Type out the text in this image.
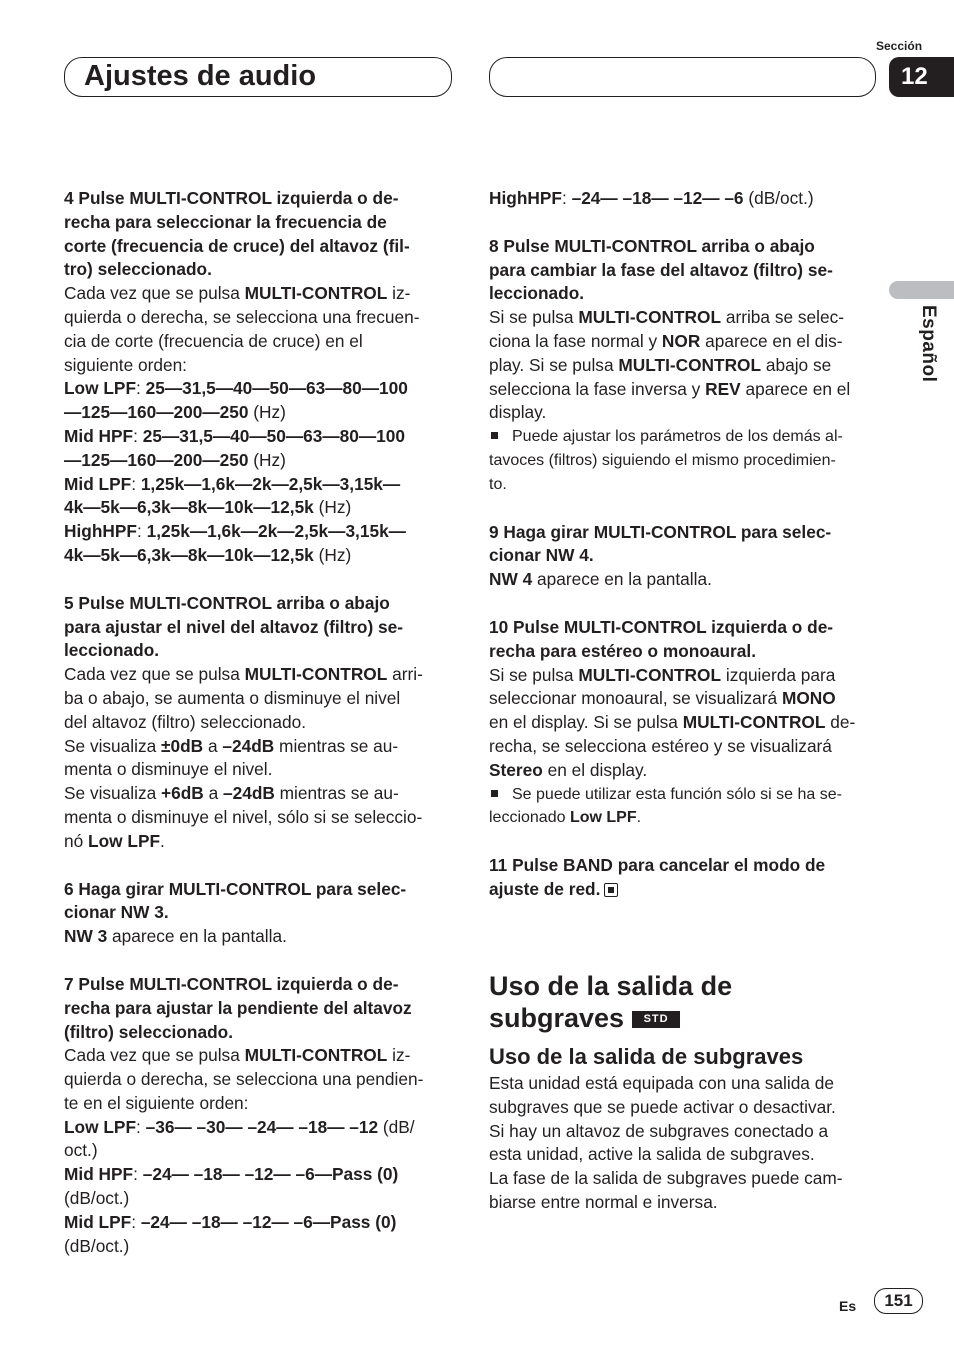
Ajustes de audio
Sección
12
Español

4 Pulse MULTI-CONTROL izquierda o de-
recha para seleccionar la frecuencia de
corte (frecuencia de cruce) del altavoz (fil-
tro) seleccionado.

Cada vez que se pulsa MULTI-CONTROL iz-
quierda o derecha, se selecciona una frecuen-
cia de corte (frecuencia de cruce) en el
siguiente orden:

Low LPF: 25—31,5—40—50—63—80—100
—125—160—200—250 (Hz)

Mid HPF: 25—31,5—40—50—63—80—100
—125—160—200—250 (Hz)

Mid LPF: 1,25k—1,6k—2k—2,5k—3,15k—
4k—5k—6,3k—8k—10k—12,5k (Hz)

HighHPF: 1,25k—1,6k—2k—2,5k—3,15k—
4k—5k—6,3k—8k—10k—12,5k (Hz)

5 Pulse MULTI-CONTROL arriba o abajo
para ajustar el nivel del altavoz (filtro) se-
leccionado.

Cada vez que se pulsa MULTI-CONTROL arri-
ba o abajo, se aumenta o disminuye el nivel
del altavoz (filtro) seleccionado.

Se visualiza ±0dB a –24dB mientras se au-
menta o disminuye el nivel.

Se visualiza +6dB a –24dB mientras se au-
menta o disminuye el nivel, sólo si se seleccio-
nó Low LPF.

6 Haga girar MULTI-CONTROL para selec-
cionar NW 3.

NW 3 aparece en la pantalla.

7 Pulse MULTI-CONTROL izquierda o de-
recha para ajustar la pendiente del altavoz
(filtro) seleccionado.

Cada vez que se pulsa MULTI-CONTROL iz-
quierda o derecha, se selecciona una pendien-
te en el siguiente orden:

Low LPF: –36— –30— –24— –18— –12 (dB/
oct.)

Mid HPF: –24— –18— –12— –6—Pass (0)
(dB/oct.)

Mid LPF: –24— –18— –12— –6—Pass (0)
(dB/oct.)

HighHPF: –24— –18— –12— –6 (dB/oct.)

8 Pulse MULTI-CONTROL arriba o abajo
para cambiar la fase del altavoz (filtro) se-
leccionado.

Si se pulsa MULTI-CONTROL arriba se selec-
ciona la fase normal y NOR aparece en el dis-
play. Si se pulsa MULTI-CONTROL abajo se
selecciona la fase inversa y REV aparece en el
display.

Puede ajustar los parámetros de los demás al-
tavoces (filtros) siguiendo el mismo procedimien-
to.

9 Haga girar MULTI-CONTROL para selec-
cionar NW 4.

NW 4 aparece en la pantalla.

10 Pulse MULTI-CONTROL izquierda o de-
recha para estéreo o monoaural.

Si se pulsa MULTI-CONTROL izquierda para
seleccionar monoaural, se visualizará MONO
en el display. Si se pulsa MULTI-CONTROL de-
recha, se selecciona estéreo y se visualizará
Stereo en el display.

Se puede utilizar esta función sólo si se ha se-
leccionado Low LPF.

11 Pulse BAND para cancelar el modo de
ajuste de red.

Uso de la salida de
subgraves STD

Uso de la salida de subgraves

Esta unidad está equipada con una salida de
subgraves que se puede activar o desactivar.

Si hay un altavoz de subgraves conectado a
esta unidad, active la salida de subgraves.

La fase de la salida de subgraves puede cam-
biarse entre normal e inversa.

Es	151
